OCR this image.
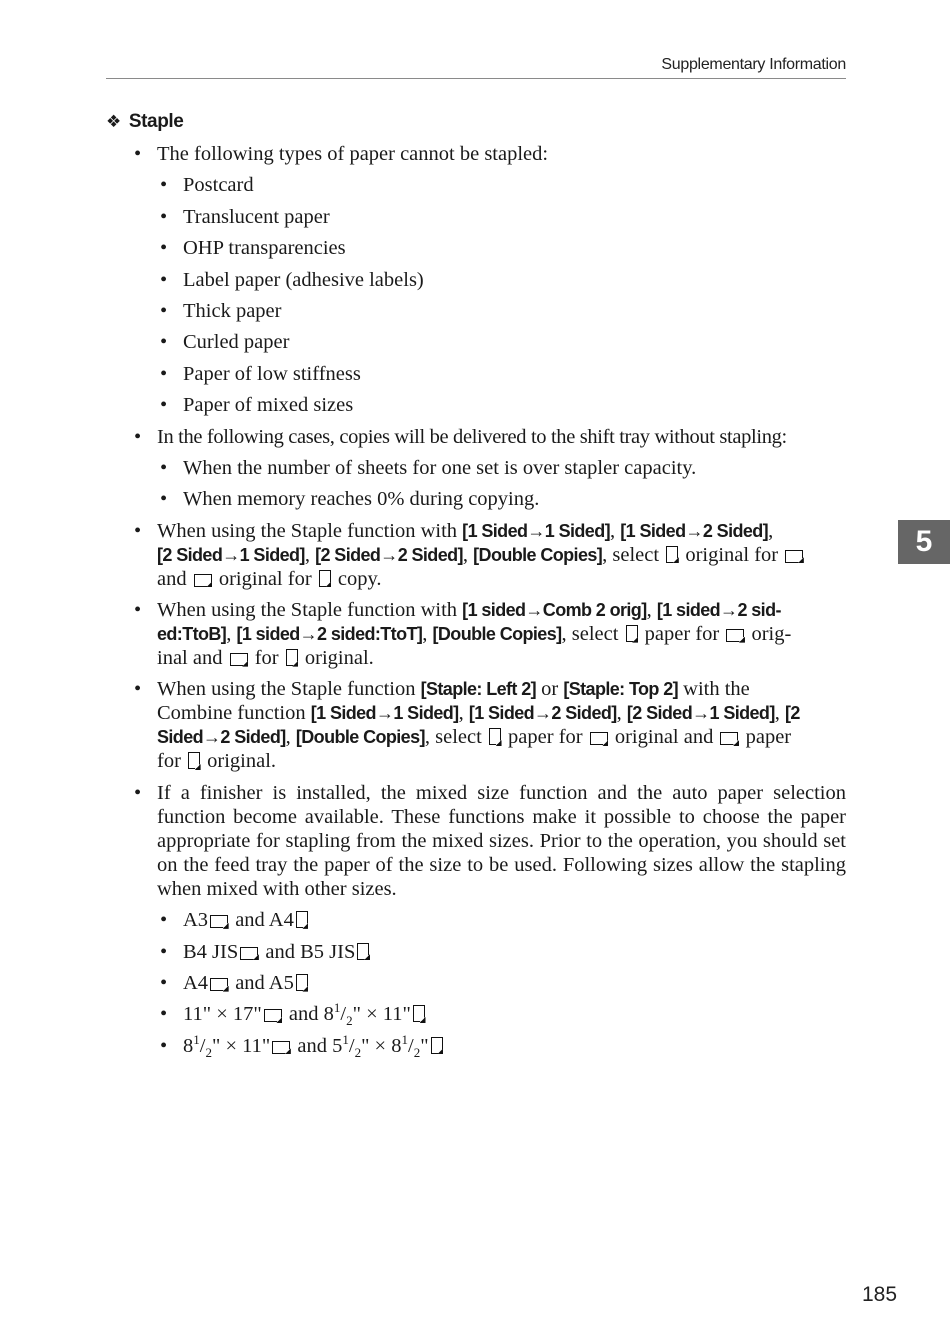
Supplementary Information
❖ Staple
• The following types of paper cannot be stapled:
• Postcard
• Translucent paper
• OHP transparencies
• Label paper (adhesive labels)
• Thick paper
• Curled paper
• Paper of low stiffness
• Paper of mixed sizes
• In the following cases, copies will be delivered to the shift tray without stapling:
• When the number of sheets for one set is over stapler capacity.
• When memory reaches 0% during copying.
• When using the Staple function with [1 Sided→1 Sided], [1 Sided→2 Sided],
[2 Sided→1 Sided], [2 Sided→2 Sided], [Double Copies], select  original for
and  original for  copy.
• When using the Staple function with [1 sided→Comb 2 orig], [1 sided→2 sid-
ed:TtoB], [1 sided→2 sided:TtoT], [Double Copies], select  paper for  orig-
inal and  for  original.
• When using the Staple function [Staple: Left 2] or [Staple: Top 2] with the
Combine function [1 Sided→1 Sided], [1 Sided→2 Sided], [2 Sided→1 Sided], [2
Sided→2 Sided], [Double Copies], select  paper for  original and  paper
for  original.
• If a finisher is installed, the mixed size function and the auto paper selection function become available. These functions make it possible to choose the paper appropriate for stapling from the mixed sizes. Prior to the operation, you should set on the feed tray the paper of the size to be used. Following sizes allow the stapling when mixed with other sizes.
• A3 and A4
• B4 JIS and B5 JIS
• A4 and A5
• 11" × 17" and $8^1/_2$" × 11"
• $8^1/_2$" × 11" and $5^1/_2$" × $8^1/_2$"
5
185
